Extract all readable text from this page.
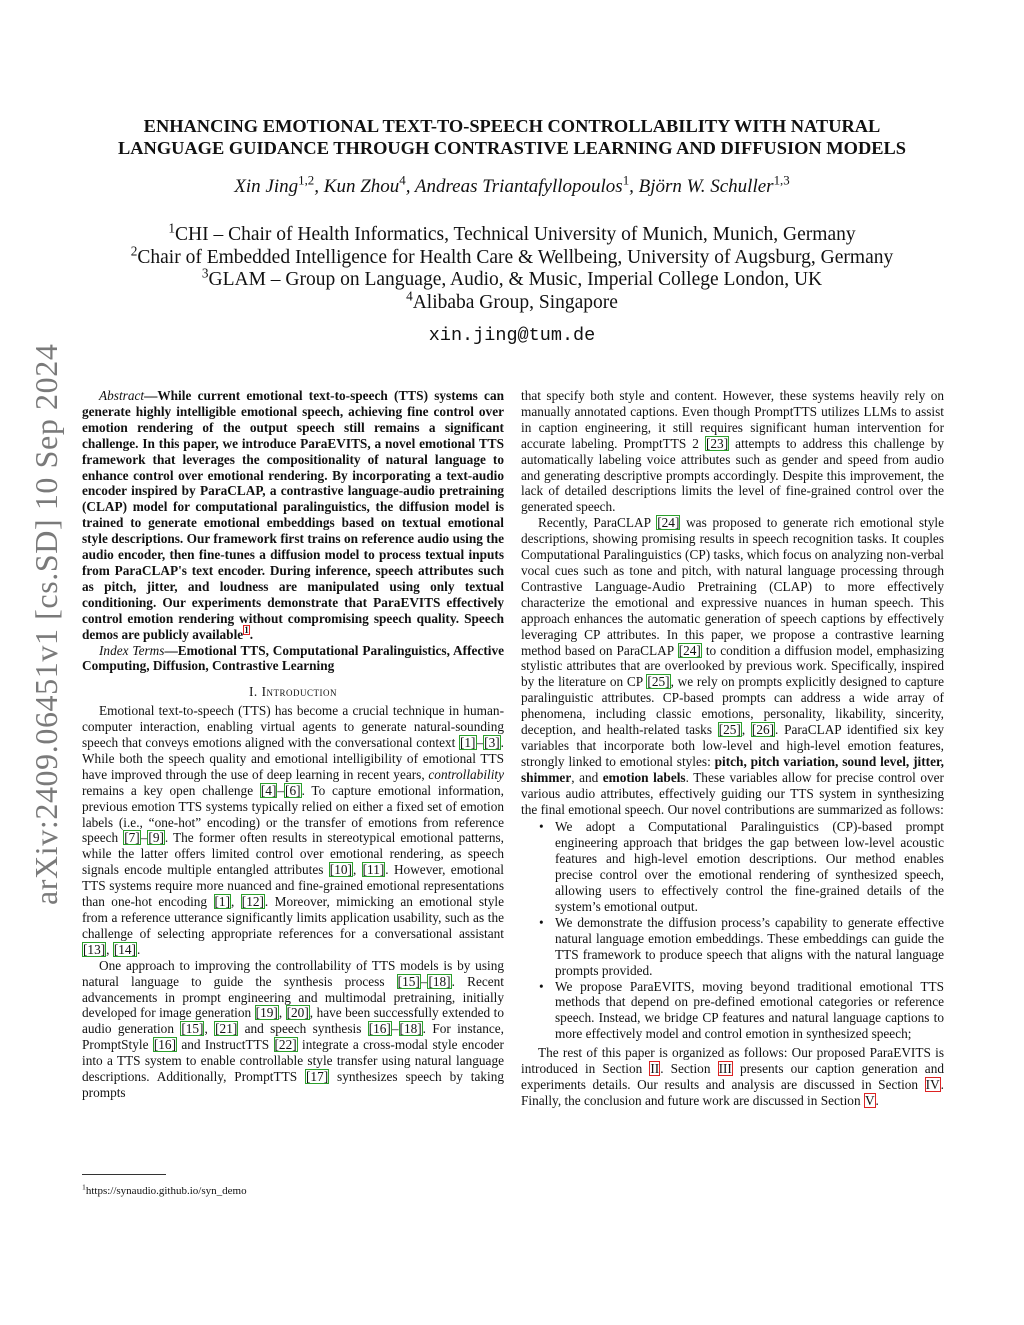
arXiv:2409.06451v1 [cs.SD] 10 Sep 2024
ENHANCING EMOTIONAL TEXT-TO-SPEECH CONTROLLABILITY WITH NATURAL
LANGUAGE GUIDANCE THROUGH CONTRASTIVE LEARNING AND DIFFUSION MODELS
Xin Jing$^{1,2}$, Kun Zhou$^4$, Andreas Triantafyllopoulos$^1$, Björn W. Schuller$^{1,3}$
$^1$CHI – Chair of Health Informatics, Technical University of Munich, Munich, Germany
$^2$Chair of Embedded Intelligence for Health Care & Wellbeing, University of Augsburg, Germany
$^3$GLAM – Group on Language, Audio, & Music, Imperial College London, UK
$^4$Alibaba Group, Singapore
xin.jing@tum.de

Abstract—While current emotional text-to-speech (TTS) systems can generate highly intelligible emotional speech, achieving fine control over emotion rendering of the output speech still remains a significant challenge. In this paper, we introduce ParaEVITS, a novel emotional TTS framework that leverages the compositionality of natural language to enhance control over emotional rendering. By incorporating a text-audio encoder inspired by ParaCLAP, a contrastive language-audio pretraining (CLAP) model for computational paralinguistics, the diffusion model is trained to generate emotional embeddings based on textual emotional style descriptions. Our framework first trains on reference audio using the audio encoder, then fine-tunes a diffusion model to process textual inputs from ParaCLAP's text encoder. During inference, speech attributes such as pitch, jitter, and loudness are manipulated using only textual conditioning. Our experiments demonstrate that ParaEVITS effectively control emotion rendering without compromising speech quality. Speech demos are publicly available$^1$.

Index Terms—Emotional TTS, Computational Paralinguistics, Affective Computing, Diffusion, Contrastive Learning

I. Introduction

Emotional text-to-speech (TTS) has become a crucial technique in human-computer interaction, enabling virtual agents to generate natural-sounding speech that conveys emotions aligned with the conversational context [1]–[3]. While both the speech quality and emotional intelligibility of emotional TTS have improved through the use of deep learning in recent years, controllability remains a key open challenge [4]–[6]. To capture emotional information, previous emotion TTS systems typically relied on either a fixed set of emotion labels (i.e., “one-hot” encoding) or the transfer of emotions from reference speech [7]–[9]. The former often results in stereotypical emotional patterns, while the latter offers limited control over emotional rendering, as speech signals encode multiple entangled attributes [10], [11]. However, emotional TTS systems require more nuanced and fine-grained emotional representations than one-hot encoding [1], [12]. Moreover, mimicking an emotional style from a reference utterance significantly limits application usability, such as the challenge of selecting appropriate references for a conversational assistant [13], [14].

One approach to improving the controllability of TTS models is by using natural language to guide the synthesis process [15]–[18]. Recent advancements in prompt engineering and multimodal pretraining, initially developed for image generation [19], [20], have been successfully extended to audio generation [15], [21] and speech synthesis [16]–[18]. For instance, PromptStyle [16] and InstructTTS [22] integrate a cross-modal style encoder into a TTS system to enable controllable style transfer using natural language descriptions. Additionally, PromptTTS [17] synthesizes speech by taking prompts

$^1$https://synaudio.github.io/syn_demo

that specify both style and content. However, these systems heavily rely on manually annotated captions. Even though PromptTTS utilizes LLMs to assist in caption engineering, it still requires significant human intervention for accurate labeling. PromptTTS 2 [23] attempts to address this challenge by automatically labeling voice attributes such as gender and speed from audio and generating descriptive prompts accordingly. Despite this improvement, the lack of detailed descriptions limits the level of fine-grained control over the generated speech.

Recently, ParaCLAP [24] was proposed to generate rich emotional style descriptions, showing promising results in speech recognition tasks. It couples Computational Paralinguistics (CP) tasks, which focus on analyzing non-verbal vocal cues such as tone and pitch, with natural language processing through Contrastive Language-Audio Pretraining (CLAP) to more effectively characterize the emotional and expressive nuances in human speech. This approach enhances the automatic generation of speech captions by effectively leveraging CP attributes. In this paper, we propose a contrastive learning method based on ParaCLAP [24] to condition a diffusion model, emphasizing stylistic attributes that are overlooked by previous work. Specifically, inspired by the literature on CP [25], we rely on prompts explicitly designed to capture paralinguistic attributes. CP-based prompts can address a wide array of phenomena, including classic emotions, personality, likability, sincerity, deception, and health-related tasks [25], [26]. ParaCLAP identified six key variables that incorporate both low-level and high-level emotion features, strongly linked to emotional styles: pitch, pitch variation, sound level, jitter, shimmer, and emotion labels. These variables allow for precise control over various audio attributes, effectively guiding our TTS system in synthesizing the final emotional speech. Our novel contributions are summarized as follows:

• We adopt a Computational Paralinguistics (CP)-based prompt engineering approach that bridges the gap between low-level acoustic features and high-level emotion descriptions. Our method enables precise control over the emotional rendering of synthesized speech, allowing users to effectively control the fine-grained details of the system’s emotional output.
• We demonstrate the diffusion process’s capability to generate effective natural language emotion embeddings. These embeddings can guide the TTS framework to produce speech that aligns with the natural language prompts provided.
• We propose ParaEVITS, moving beyond traditional emotional TTS methods that depend on pre-defined emotional categories or reference speech. Instead, we bridge CP features and natural language captions to more effectively model and control emotion in synthesized speech;

The rest of this paper is organized as follows: Our proposed ParaEVITS is introduced in Section II. Section III presents our caption generation and experiments details. Our results and analysis are discussed in Section IV. Finally, the conclusion and future work are discussed in Section V.
